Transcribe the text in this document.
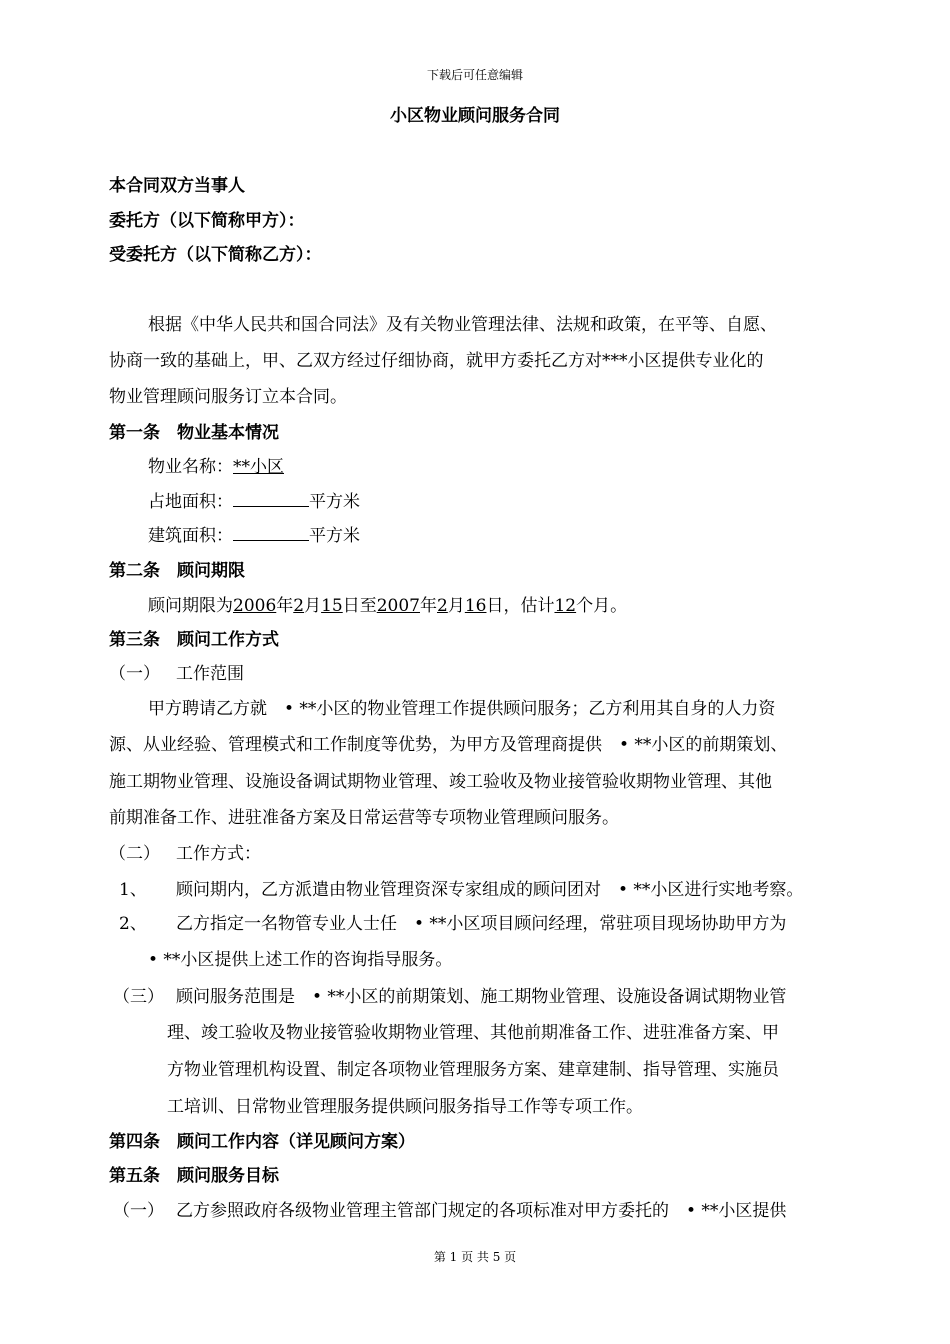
下载后可任意编辑
小区物业顾问服务合同
本合同双方当事人
委托方（以下简称甲方）：
受委托方（以下简称乙方）：
根据《中华人民共和国合同法》及有关物业管理法律、法规和政策，在平等、自愿、
协商一致的基础上，甲、乙双方经过仔细协商，就甲方委托乙方对***小区提供专业化的
物业管理顾问服务订立本合同。
第一条　物业基本情况
物业名称：**小区
占地面积：	平方米
建筑面积：	平方米
第二条　顾问期限
顾问期限为2006年2月15日至2007年2月16日，估计12个月。
第三条　顾问工作方式
（一） 工作范围
甲方聘请乙方就　• **小区的物业管理工作提供顾问服务；乙方利用其自身的人力资
源、从业经验、管理模式和工作制度等优势，为甲方及管理商提供　• **小区的前期策划、
施工期物业管理、设施设备调试期物业管理、竣工验收及物业接管验收期物业管理、其他
前期准备工作、进驻准备方案及日常运营等专项物业管理顾问服务。
（二） 工作方式：
1、 顾问期内，乙方派遣由物业管理资深专家组成的顾问团对　• **小区进行实地考察。
2、 乙方指定一名物管专业人士任　• **小区项目顾问经理，常驻项目现场协助甲方为
• **小区提供上述工作的咨询指导服务。
（三） 顾问服务范围是　• **小区的前期策划、施工期物业管理、设施设备调试期物业管
理、竣工验收及物业接管验收期物业管理、其他前期准备工作、进驻准备方案、甲
方物业管理机构设置、制定各项物业管理服务方案、建章建制、指导管理、实施员
工培训、日常物业管理服务提供顾问服务指导工作等专项工作。
第四条　顾问工作内容（详见顾问方案）
第五条　顾问服务目标
（一） 乙方参照政府各级物业管理主管部门规定的各项标准对甲方委托的　• **小区提供
第 1 页 共 5 页
